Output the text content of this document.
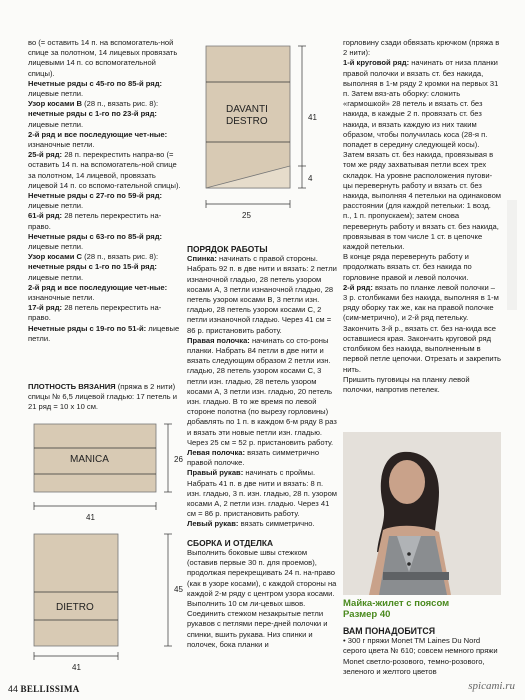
во (= оставить 14 п. на вспомогатель-ной спице за полотном, 14 лицевых провязать лицевыми 14 п. со вспомогательной спицы).

Нечетные ряды с 45-го по 85-й ряд: лицевые петли.

Узор косами B (28 п., вязать рис. 8):

нечетные ряды с 1-го по 23-й ряд: лицевые петли.

2-й ряд и все последующие чет-ные: изнаночные петли.

25-й ряд: 28 п. перекрестить напра-во (= оставить 14 п. на вспомогатель-ной спице за полотном, 14 лицевой, провязать лицевой 14 п. со вспомо-гательной спицы).

Нечетные ряды с 27-го по 59-й ряд: лицевые петли.

61-й ряд: 28 петель перекрестить на-право.

Нечетные ряды с 63-го по 85-й ряд: лицевые петли.

Узор косами C (28 п., вязать рис. 8):

нечетные ряды с 1-го по 15-й ряд: лицевые петли.

2-й ряд и все последующие чет-ные: изнаночные петли.

17-й ряд: 28 петель перекрестить на-право.

Нечетные ряды с 19-го по 51-й: лицевые петли.

DAVANTI
DESTRO	41
4
25

ПЛОТНОСТЬ ВЯЗАНИЯ (пряжа в 2 нити) спицы № 6,5 лицевой гладью: 17 петель и 21 ряд = 10 x 10 см.

MANICA	26
41
DIETRO
45
41

ПОРЯДОК РАБОТЫ

Спинка: начинать с правой стороны. Набрать 92 п. в две нити и вязать: 2 петли изнаночной гладью, 28 петель узором косами A, 3 петли изнаночной гладью, 28 петель узором косами B, 3 петли изн. гладью, 28 петель узором косами C, 2 петли изнаночной гладью. Через 41 см = 86 р. пристановить работу.

Правая полочка: начинать со сто-роны планки. Набрать 84 петли в две нити и вязать следующим образом 2 петли изн. гладью, 28 петель узором косами C, 3 петли изн. гладью, 28 петель узором косами A, 3 петли изн. гладью, 20 петель изн. гладью. В то же время по левой стороне полотна (по вырезу горловины) добавлять по 1 п. в каждом 6-м ряду 8 раз и вязать эти новые петли изн. гладью. Через 25 см = 52 р. пристановить работу.

Левая полочка: вязать симметрично правой полочке.

Правый рукав: начинать с проймы. Набрать 41 п. в две нити и вязать: 8 п. изн. гладью, 3 п. изн. гладью, 28 п. узором косами A, 2 петли изн. гладью. Через 41 см = 86 р. пристановить работу.

Левый рукав: вязать симметрично.

СБОРКА И ОТДЕЛКА

Выполнить боковые швы стежком (оставив первые 30 п. для проемов), продолжая перекрещивать 24 п. на-право (как в узоре косами), с каждой стороны на каждой 2-м ряду с центром узора косами. Выполнить 10 см ли-цевых швов. Соединить стежком незакрытые петли рукавов с петлями пере-дней полочки и спинки, вшить рукава. Низ спинки и полочек, бока планки и

горловину сзади обвязать крючком (пряжа в 2 нити):

1-й круговой ряд: начинать от низа планки правой полочки и вязать ст. без накида, выполняя в 1-м ряду 2 кромки на первых 31 п. Затем вяз-ать оборку: сложить «гармошкой» 28 петель и вязать ст. без накида, в каждые 2 п. провязать ст. без накида, и вязать каждую из них таким образом, чтобы получилась коса (28-я п. попадет в середину следующей косы). Затем вязать ст. без накида, провязывая в том же ряду захватывая петли всех трех складок. На уровне расположения пугови-цы перевернуть работу и вязать ст. без накида, выполняя 4 петельки на одинаковом расстоянии (для каждой петельки: 1 возд. п., 1 п. пропускаем); затем снова перевернуть работу и вязать ст. без накида, провязывая в том числе 1 ст. в цепочке каждой петельки.

В конце ряда перевернуть работу и продолжать вязать ст. без накида по горловине правой и левой полочки.

2-й ряд: вязать по планке левой полочки – 3 р. столбиками без накида, выполняя в 1-м ряду оборку так же, как на правой полочке (сим-метрично), и 2-й ряд петельку.

Закончить 3-й р., вязать ст. без на-кида все оставшиеся края. Закончить круговой ряд столбиком без накида, выполненным в первой петле цепочки. Отрезать и закрепить нить.

Пришить пуговицы на планку левой полочки, напротив петелек.

Майка-жилет с поясом
Размер 40

ВАМ ПОНАДОБИТСЯ

• 300 г пряжи Monet TM Laines Du Nord серого цвета № 610; совсем немного пряжи Monet светло-розового, темно-розового, зеленого и желтого цветов

44 BELLISSIMA	spicami.ru
